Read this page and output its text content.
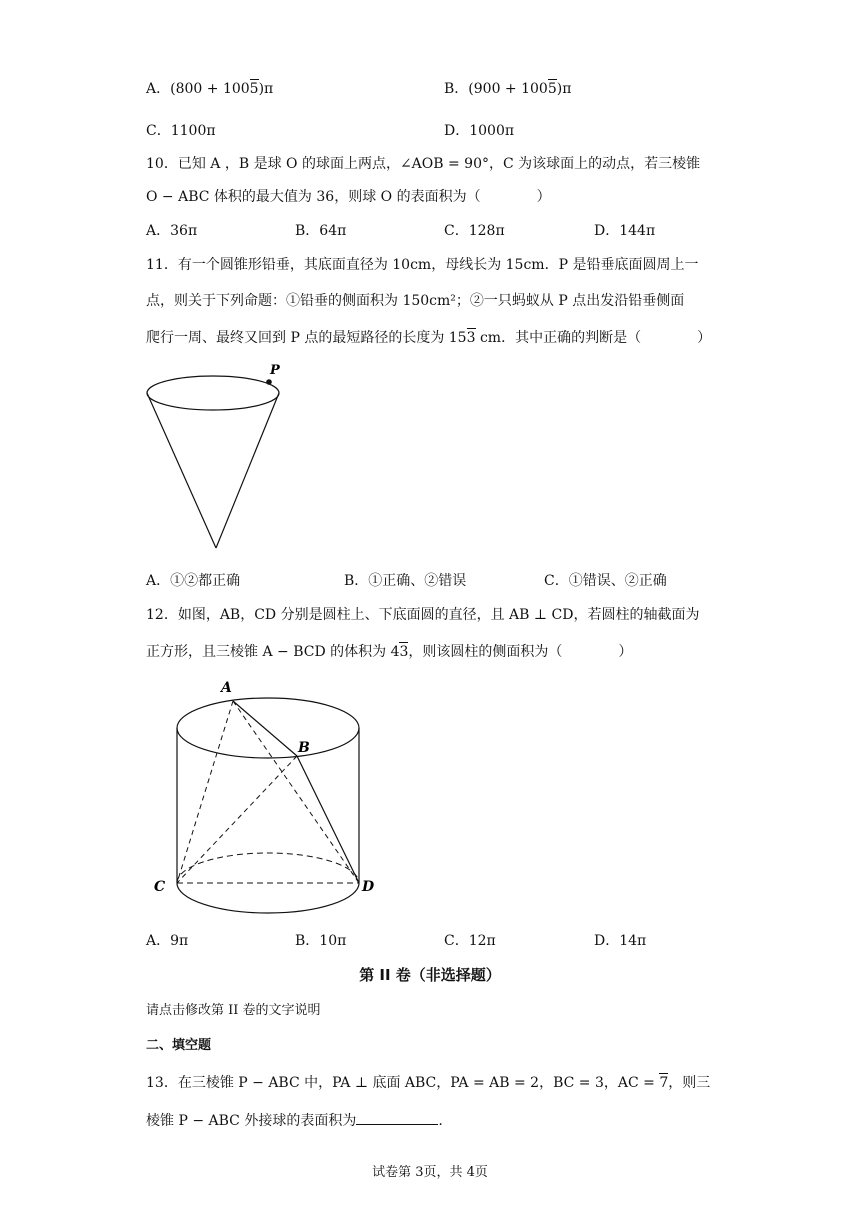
A．(800 + 1005)π	B．(900 + 1005)π
C．1100π	D．1000π
10．已知 A ，B 是球 O 的球面上两点，∠AOB = 90°，C 为该球面上的动点，若三棱锥
O − ABC 体积的最大值为 36，则球 O 的表面积为（　　　　）
A．36π	B．64π	C．128π	D．144π
11．有一个圆锥形铅垂，其底面直径为 10cm，母线长为 15cm．P 是铅垂底面圆周上一
点，则关于下列命题：①铅垂的侧面积为 150cm²；②一只蚂蚁从 P 点出发沿铅垂侧面
爬行一周、最终又回到 P 点的最短路径的长度为 153 cm．其中正确的判断是（　　　　）
P
A．①②都正确	B．①正确、②错误	C．①错误、②正确
12．如图，AB，CD 分别是圆柱上、下底面圆的直径，且 AB ⊥ CD，若圆柱的轴截面为
正方形，且三棱锥 A − BCD 的体积为 43，则该圆柱的侧面积为（　　　　）
A
B
C	D
A．9π	B．10π	C．12π	D．14π
第 II 卷（非选择题）
请点击修改第 II 卷的文字说明
二、填空题
13．在三棱锥 P − ABC 中，PA ⊥ 底面 ABC，PA = AB = 2，BC = 3，AC = 7，则三
棱锥 P − ABC 外接球的表面积为	.
试卷第 3页，共 4页
